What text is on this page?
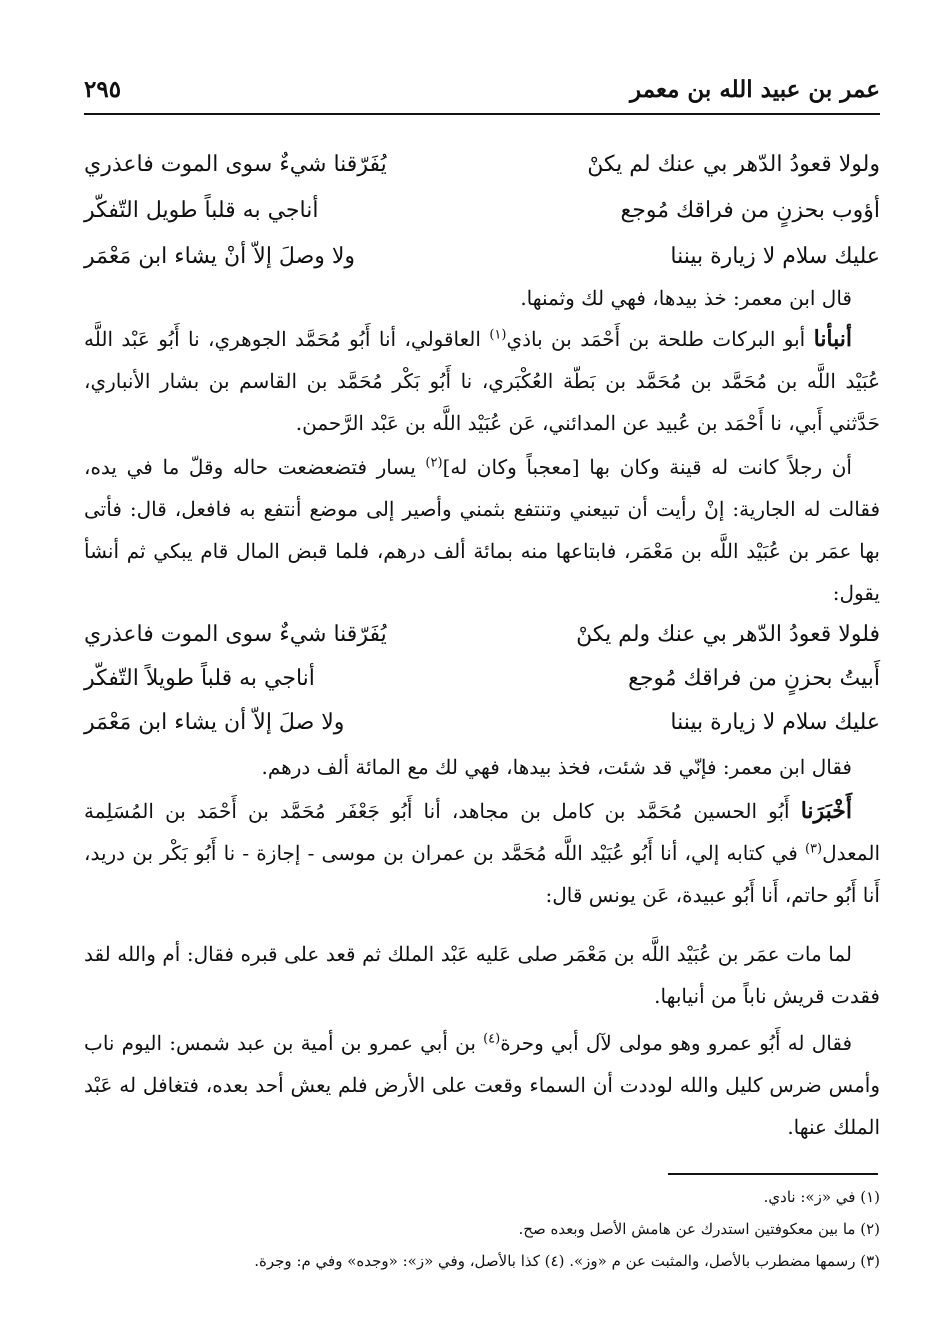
عمر بن عبيد الله بن معمر
٢٩٥
ولولا قعودُ الدّهر بي عنك لم يكنْ
يُفَرّقنا شيءٌ سوى الموت فاعذري
أؤوب بحزنٍ من فراقك مُوجع
أناجي به قلباً طويل التّفكّر
عليك سلام لا زيارة بيننا
ولا وصلَ إلاّ أنْ يشاء ابن مَعْمَر
قال ابن معمر: خذ بيدها، فهي لك وثمنها.
أنبأنا أبو البركات طلحة بن أَحْمَد بن باذي$^{(١)}$ العاقولي، أنا أَبُو مُحَمَّد الجوهري، نا أَبُو عَبْد اللَّه عُبَيْد اللَّه بن مُحَمَّد بن مُحَمَّد بن بَطّة العُكْبَري، نا أَبُو بَكْر مُحَمَّد بن القاسم بن بشار الأنباري، حَدَّثني أَبي، نا أَحْمَد بن عُبيد عن المدائني، عَن عُبَيْد اللَّه بن عَبْد الرَّحمن.
أن رجلاً كانت له قينة وكان بها [معجباً وكان له]$^{(٢)}$ يسار فتضعضعت حاله وقلّ ما في يده، فقالت له الجارية: إنْ رأيت أن تبيعني وتنتفع بثمني وأصير إلى موضع أنتفع به فافعل، قال: فأتى بها عمَر بن عُبَيْد اللَّه بن مَعْمَر، فابتاعها منه بمائة ألف درهم، فلما قبض المال قام يبكي ثم أنشأ يقول:
فلولا قعودُ الدّهر بي عنك ولم يكنْ
يُفَرّقنا شيءٌ سوى الموت فاعذري
أَبيتُ بحزنٍ من فراقك مُوجع
أناجي به قلباً طويلاً التّفكّر
عليك سلام لا زيارة بيننا
ولا صلَ إلاّ أن يشاء ابن مَعْمَر
فقال ابن معمر: فإنّي قد شئت، فخذ بيدها، فهي لك مع المائة ألف درهم.
أَخْبَرَنا أَبُو الحسين مُحَمَّد بن كامل بن مجاهد، أنا أَبُو جَعْفَر مُحَمَّد بن أَحْمَد بن المُسَلِمة المعدل$^{(٣)}$ في كتابه إلي، أنا أَبُو عُبَيْد اللَّه مُحَمَّد بن عمران بن موسى - إجازة - نا أَبُو بَكْر بن دريد، أَنا أَبُو حاتم، أَنا أَبُو عبيدة، عَن يونس قال:
لما مات عمَر بن عُبَيْد اللَّه بن مَعْمَر صلى عَليه عَبْد الملك ثم قعد على قبره فقال: أم والله لقد فقدت قريش ناباً من أنيابها.
فقال له أَبُو عمرو وهو مولى لآل أبي وحرة$^{(٤)}$ بن أبي عمرو بن أمية بن عبد شمس: اليوم ناب وأمس ضرس كليل والله لوددت أن السماء وقعت على الأرض فلم يعش أحد بعده، فتغافل له عَبْد الملك عنها.
(١) في «ز»: نادي.
(٢) ما بين معكوفتين استدرك عن هامش الأصل وبعده صح.
(٣) رسمها مضطرب بالأصل، والمثبت عن م «وز». (٤) كذا بالأصل، وفي «ز»: «وجده» وفي م: وجرة.
